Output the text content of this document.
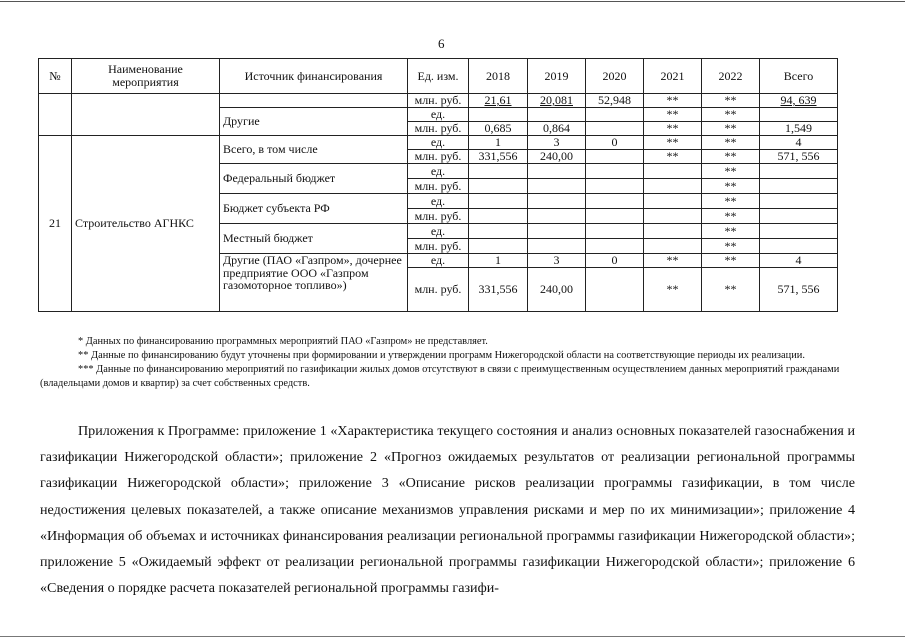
6
№	Наименование мероприятия	Источник финансирования	Ед. изм.	2018	2019	2020	2021	2022	Всего
			млн. руб.	21,61	20,081	52,948	**	**	94, 639
		Другие	ед.				**	**	
			млн. руб.	0,685	0,864		**	**	1,549
21	Строительство АГНКС	Всего, в том числе	ед.	1	3	0	**	**	4
			млн. руб.	331,556	240,00		**	**	571, 556
		Федеральный бюджет	ед.					**	
			млн. руб.					**	
		Бюджет субъекта РФ	ед.					**	
			млн. руб.					**	
		Местный бюджет	ед.					**	
			млн. руб.					**	
		Другие (ПАО «Газпром», дочернее предприятие ООО «Газпром газомоторное топливо»)	ед.	1	3	0	**	**	4
			млн. руб.	331,556	240,00		**	**	571, 556

* Данных по финансированию программных мероприятий ПАО «Газпром» не представляет.

** Данные по финансированию будут уточнены при формировании и утверждении программ Нижегородской области на соответствующие периоды их реализации.

*** Данные по финансированию мероприятий по газификации жилых домов отсутствуют в связи с преимущественным осуществлением данных мероприятий гражданами (владельцами домов и квартир) за счет собственных средств.

Приложения к Программе: приложение 1 «Характеристика текущего состояния и анализ основных показателей газоснабжения и газификации Нижегородской области»; приложение 2 «Прогноз ожидаемых результатов от реализации региональной программы газификации Нижегородской области»; приложение 3 «Описание рисков реализации программы газификации, в том числе недостижения целевых показателей, а также описание механизмов управления рисками и мер по их минимизации»; приложение 4 «Информация об объемах и источниках финансирования реализации региональной программы газификации Нижегородской области»; приложение 5 «Ожидаемый эффект от реализации региональной программы газификации Нижегородской области»; приложение 6 «Сведения о порядке расчета показателей региональной программы газифи-
